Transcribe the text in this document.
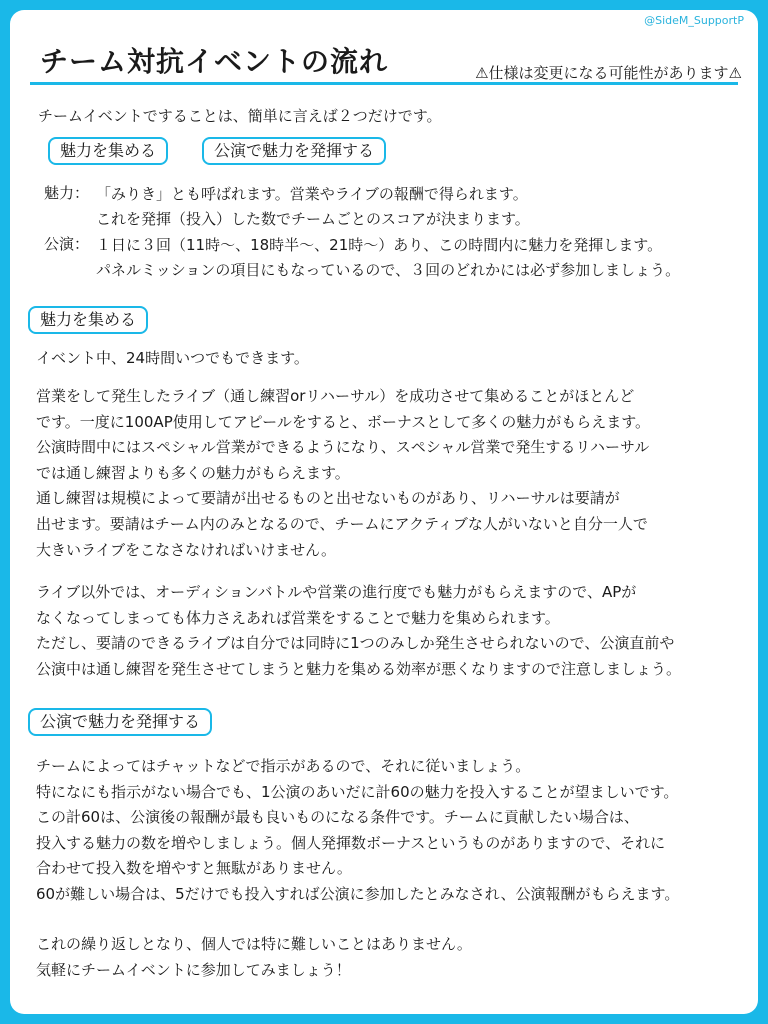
@SideM_SupportP
チーム対抗イベントの流れ	⚠仕様は変更になる可能性があります⚠
チームイベントですることは、簡単に言えば２つだけです。
魅力を集める	公演で魅力を発揮する
魅力： 「みりき」とも呼ばれます。営業やライブの報酬で得られます。
これを発揮（投入）した数でチームごとのスコアが決まります。
公演： １日に３回（11時〜、18時半〜、21時〜）あり、この時間内に魅力を発揮します。
パネルミッションの項目にもなっているので、３回のどれかには必ず参加しましょう。
魅力を集める
イベント中、24時間いつでもできます。
営業をして発生したライブ（通し練習orリハーサル）を成功させて集めることがほとんど
です。一度に100AP使用してアピールをすると、ボーナスとして多くの魅力がもらえます。
公演時間中にはスペシャル営業ができるようになり、スペシャル営業で発生するリハーサル
では通し練習よりも多くの魅力がもらえます。
通し練習は規模によって要請が出せるものと出せないものがあり、リハーサルは要請が
出せます。要請はチーム内のみとなるので、チームにアクティブな人がいないと自分一人で
大きいライブをこなさなければいけません。
ライブ以外では、オーディションバトルや営業の進行度でも魅力がもらえますので、APが
なくなってしまっても体力さえあれば営業をすることで魅力を集められます。
ただし、要請のできるライブは自分では同時に1つのみしか発生させられないので、公演直前や
公演中は通し練習を発生させてしまうと魅力を集める効率が悪くなりますので注意しましょう。
公演で魅力を発揮する
チームによってはチャットなどで指示があるので、それに従いましょう。
特になにも指示がない場合でも、1公演のあいだに計60の魅力を投入することが望ましいです。
この計60は、公演後の報酬が最も良いものになる条件です。チームに貢献したい場合は、
投入する魅力の数を増やしましょう。個人発揮数ボーナスというものがありますので、それに
合わせて投入数を増やすと無駄がありません。
60が難しい場合は、5だけでも投入すれば公演に参加したとみなされ、公演報酬がもらえます。
これの繰り返しとなり、個人では特に難しいことはありません。
気軽にチームイベントに参加してみましょう！
